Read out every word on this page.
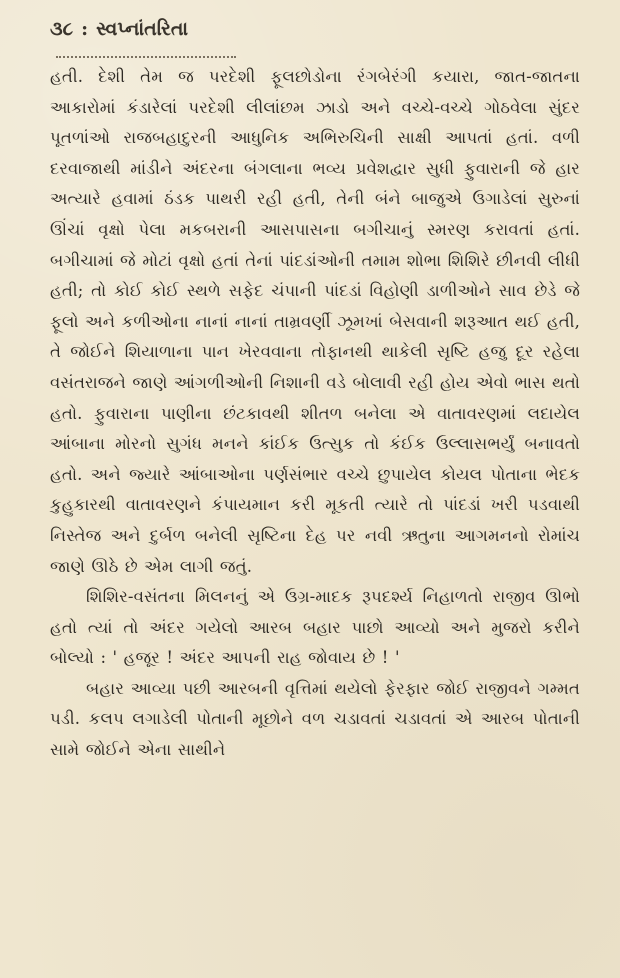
૩૮ : સ્વપ્નાંતરિતા

હતી. દેશી તેમ જ પરદેશી ફૂલછોડોના રંગબેરંગી કયારા, જાત-જાતના આકારોમાં કંડારેલાં પરદેશી લીલાંછમ ઝાડો અને વચ્ચે-વચ્ચે ગોઠવેલા સુંદર પૂતળાંઓ રાજબહાદુરની આધુનિક અભિરુચિની સાક્ષી આપતાં હતાં. વળી દરવાજાથી માંડીને અંદરના બંગલાના ભવ્ય પ્રવેશદ્વાર સુધી ફુવારાની જે હાર અત્યારે હવામાં ઠંડક પાથરી રહી હતી, તેની બંને બાજુએ ઉગાડેલાં સુરુનાં ઊંચાં વૃક્ષો પેલા મકબરાની આસપાસના બગીચાનું સ્મરણ કરાવતાં હતાં. બગીચામાં જે મોટાં વૃક્ષો હતાં તેનાં પાંદડાંઓની તમામ શોભા શિશિરે છીનવી લીધી હતી; તો કોઈ કોઈ સ્થળે સફેદ ચંપાની પાંદડાં વિહોણી ડાળીઓને સાવ છેડે જે ફૂલો અને કળીઓના નાનાં નાનાં તામ્રવર્ણી ઝૂમખાં બેસવાની શરૂઆત થઈ હતી, તે જોઈને શિયાળાના પાન ખેરવવાના તોફાનથી થાકેલી સૃષ્ટિ હજુ દૂર રહેલા વસંતરાજને જાણે આંગળીઓની નિશાની વડે બોલાવી રહી હોય એવો ભાસ થતો હતો. ફુવારાના પાણીના છંટકાવથી શીતળ બનેલા એ વાતાવરણમાં લદાયેલ આંબાના મોરનો સુગંધ મનને કાંઈક ઉત્સુક તો કંઈક ઉલ્લાસભર્યું બનાવતો હતો. અને જ્યારે આંબાઓના પર્ણસંભાર વચ્ચે છુપાયેલ કોયલ પોતાના ભેદક કુહુકારથી વાતાવરણને કંપાયમાન કરી મૂકતી ત્યારે તો પાંદડાં ખરી પડવાથી નિસ્તેજ અને દુર્બળ બનેલી સૃષ્ટિના દેહ પર નવી ઋતુના આગમનનો રોમાંચ જાણે ઊઠે છે એમ લાગી જતું.

શિશિર-વસંતના મિલનનું એ ઉગ્ર-માદક રૂપદર્શ્ય નિહાળતો રાજીવ ઊભો હતો ત્યાં તો અંદર ગયેલો આરબ બહાર પાછો આવ્યો અને મુજરો કરીને બોલ્યો : ' હજૂર ! અંદર આપની રાહ જોવાય છે ! '

બહાર આવ્યા પછી આરબની વૃત્તિમાં થયેલો ફેરફાર જોઈ રાજીવને ગમ્મત પડી. કલપ લગાડેલી પોતાની મૂછોને વળ ચડાવતાં ચડાવતાં એ આરબ પોતાની સામે જોઈને એના સાથીને
